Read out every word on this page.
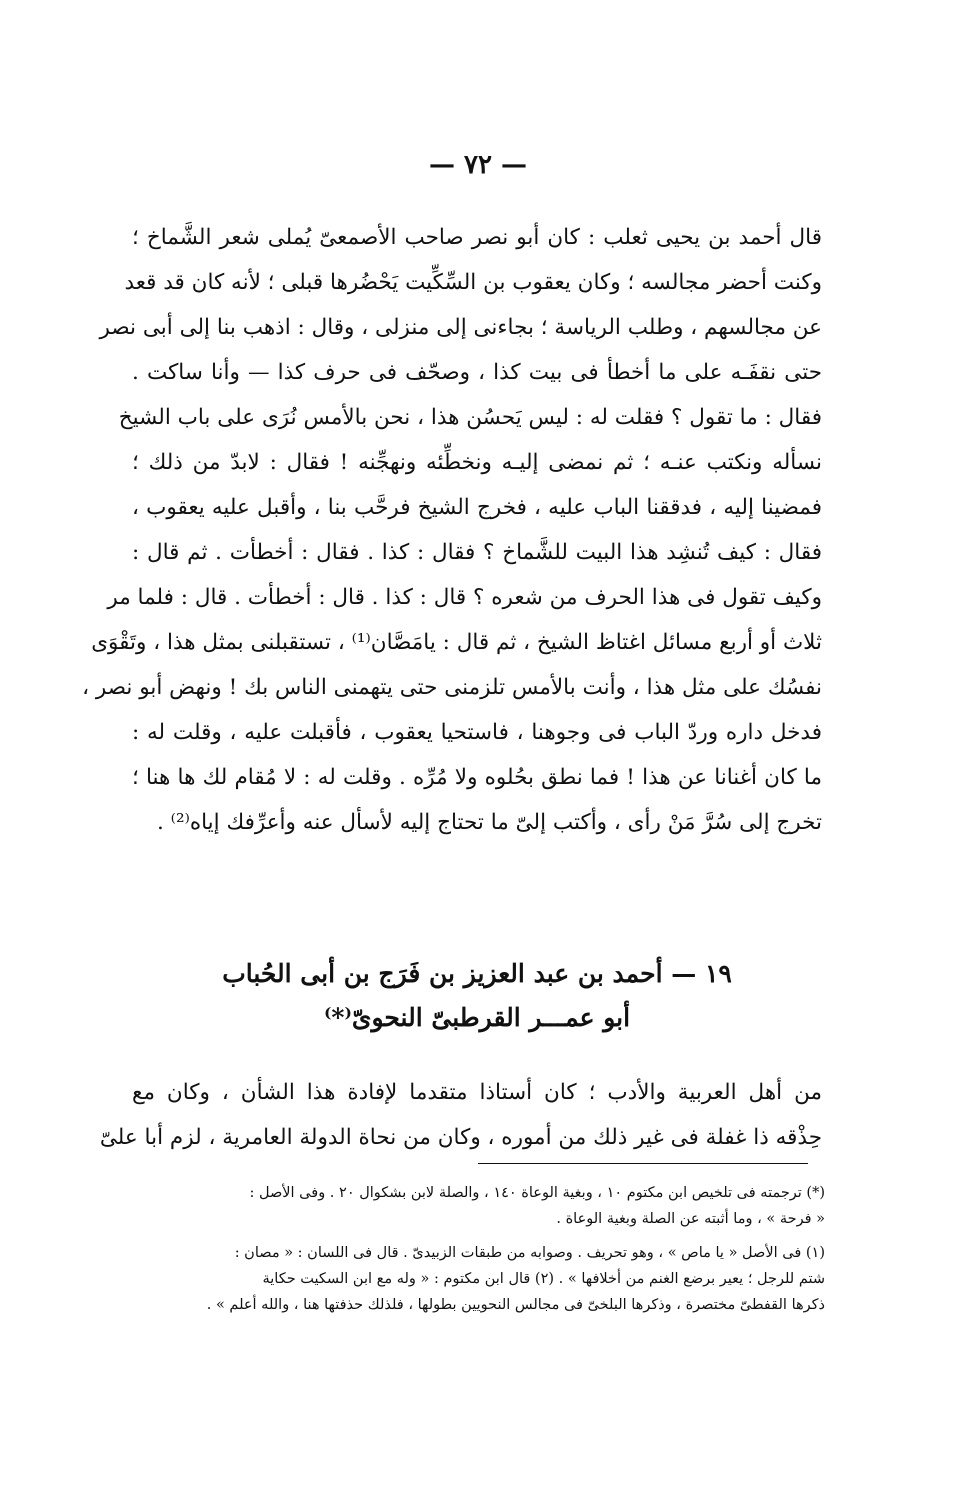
— ٧٢ —
قال أحمد بن يحيى ثعلب : كان أبو نصر صاحب الأصمعىّ يُملى شعر الشَّماخ ؛
وكنت أحضر مجالسه ؛ وكان يعقوب بن السِّكِّيت يَحْضُرها قبلى ؛ لأنه كان قد قعد
عن مجالسهم ، وطلب الرياسة ؛ بجاءنى إلى منزلى ، وقال : اذهب بنا إلى أبى نصر
حتى نقفَـه على ما أخطأ فى بيت كذا ، وصحّف فى حرف كذا — وأنا ساكت .
فقال : ما تقول ؟ فقلت له : ليس يَحسُن هذا ، نحن بالأمس نُرَى على باب الشيخ
نسأله ونكتب عنـه ؛ ثم نمضى إليـه ونخطِّئه ونهجِّنه ! فقال : لابدّ من ذلك ؛
فمضينا إليه ، فدققنا الباب عليه ، فخرج الشيخ فرحَّب بنا ، وأقبل عليه يعقوب ،
فقال : كيف تُنشِد هذا البيت للشَّماخ ؟ فقال : كذا . فقال : أخطأت . ثم قال :
وكيف تقول فى هذا الحرف من شعره ؟ قال : كذا . قال : أخطأت . قال : فلما مر
ثلاث أو أربع مسائل اغتاظ الشيخ ، ثم قال : يامَصَّان⁽¹⁾ ، تستقبلنى بمثل هذا ، وتَقْوَى
نفسُك على مثل هذا ، وأنت بالأمس تلزمنى حتى يتهمنى الناس بك ! ونهض أبو نصر ،
فدخل داره وردّ الباب فى وجوهنا ، فاستحيا يعقوب ، فأقبلت عليه ، وقلت له :
ما كان أغنانا عن هذا ! فما نطق بحُلوه ولا مُرِّه . وقلت له : لا مُقام لك ها هنا ؛
تخرج إلى سُرَّ مَنْ رأى ، وأكتب إلىّ ما تحتاج إليه لأسأل عنه وأعرِّفك إياه⁽²⁾ .
١٩ — أحمد بن عبد العزيز بن فَرَج بن أبى الحُباب
أبو عمـــر القرطبىّ النحوىّ⁽*⁾
من أهل العربية والأدب ؛ كان أستاذا متقدما لإفادة هذا الشأن ، وكان مع
حِذْقه ذا غفلة فى غير ذلك من أموره ، وكان من نحاة الدولة العامرية ، لزم أبا علىّ
(*) ترجمته فى تلخيص ابن مكتوم ١٠ ، وبغية الوعاة ١٤٠ ، والصلة لابن بشكوال ٢٠ . وفى الأصل :
« فرحة » ، وما أثبته عن الصلة وبغية الوعاة .
(١) فى الأصل « يا ماص » ، وهو تحريف . وصوابه من طبقات الزبيدىّ . قال فى اللسان : « مصان :
شتم للرجل ؛ يعير برضع الغنم من أخلافها » . (٢) قال ابن مكتوم : « وله مع ابن السكيت حكاية
ذكرها القفطىّ مختصرة ، وذكرها البلخىّ فى مجالس النحويين بطولها ، فلذلك حذفتها هنا ، والله أعلم » .
